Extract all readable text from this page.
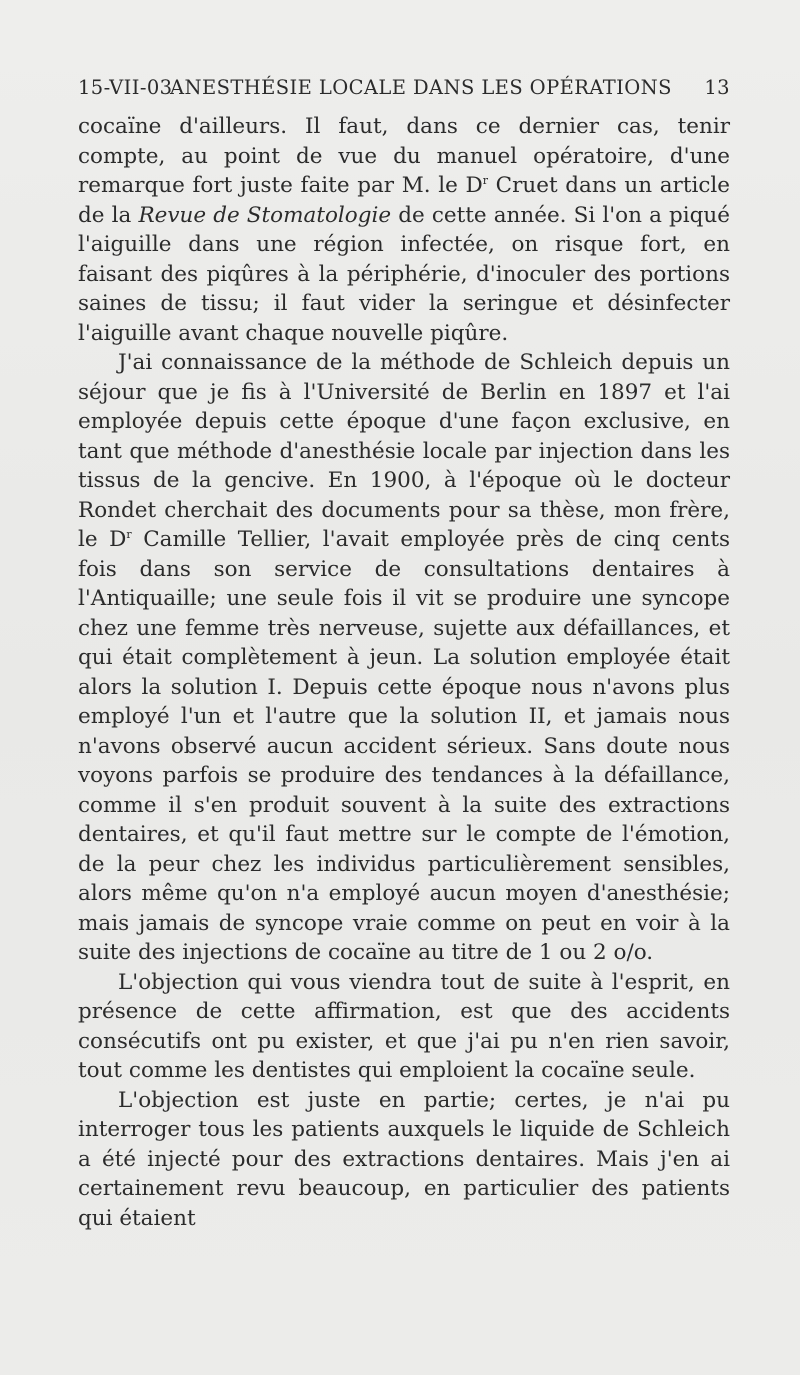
15-VII-03
ANESTHÉSIE LOCALE DANS LES OPÉRATIONS 13

cocaïne d'ailleurs. Il faut, dans ce dernier cas, tenir compte, au point de vue du manuel opératoire, d'une remarque fort juste faite par M. le $D^r$ Cruet dans un article de la Revue de Stomatologie de cette année. Si l'on a piqué l'aiguille dans une région infectée, on risque fort, en faisant des piqûres à la périphérie, d'inoculer des portions saines de tissu; il faut vider la seringue et désinfecter l'aiguille avant chaque nouvelle piqûre.

J'ai connaissance de la méthode de Schleich depuis un séjour que je fis à l'Université de Berlin en 1897 et l'ai employée depuis cette époque d'une façon exclusive, en tant que méthode d'anesthésie locale par injection dans les tissus de la gencive. En 1900, à l'époque où le docteur Rondet cherchait des documents pour sa thèse, mon frère, le $D^r$ Camille Tellier, l'avait employée près de cinq cents fois dans son service de consultations dentaires à l'Antiquaille; une seule fois il vit se produire une syncope chez une femme très nerveuse, sujette aux défaillances, et qui était complètement à jeun. La solution employée était alors la solution I. Depuis cette époque nous n'avons plus employé l'un et l'autre que la solution II, et jamais nous n'avons observé aucun accident sérieux. Sans doute nous voyons parfois se produire des tendances à la défaillance, comme il s'en produit souvent à la suite des extractions dentaires, et qu'il faut mettre sur le compte de l'émotion, de la peur chez les individus particulièrement sensibles, alors même qu'on n'a employé aucun moyen d'anesthésie; mais jamais de syncope vraie comme on peut en voir à la suite des injections de cocaïne au titre de 1 ou 2 o/o.

L'objection qui vous viendra tout de suite à l'esprit, en présence de cette affirmation, est que des accidents consécutifs ont pu exister, et que j'ai pu n'en rien savoir, tout comme les dentistes qui emploient la cocaïne seule.

L'objection est juste en partie; certes, je n'ai pu interroger tous les patients auxquels le liquide de Schleich a été injecté pour des extractions dentaires. Mais j'en ai certainement revu beaucoup, en particulier des patients qui étaient
